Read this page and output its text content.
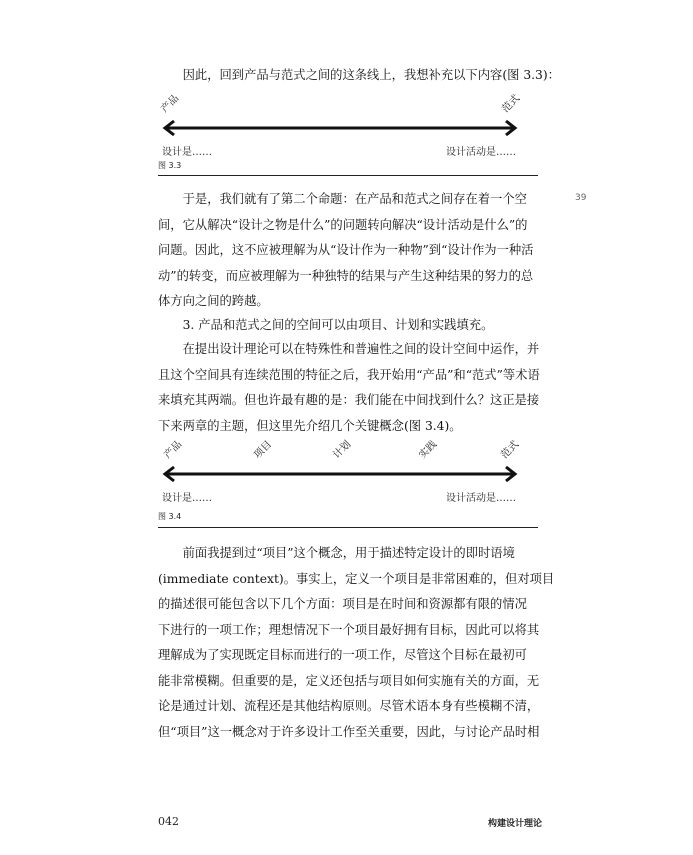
39

因此，回到产品与范式之间的这条线上，我想补充以下内容(图 3.3)：

产品	范式
设计是……	设计活动是……
图 3.3

于是，我们就有了第二个命题：在产品和范式之间存在着一个空
间，它从解决“设计之物是什么”的问题转向解决“设计活动是什么”的
问题。因此，这不应被理解为从“设计作为一种物”到“设计作为一种活
动”的转变，而应被理解为一种独特的结果与产生这种结果的努力的总
体方向之间的跨越。

3. 产品和范式之间的空间可以由项目、计划和实践填充。

在提出设计理论可以在特殊性和普遍性之间的设计空间中运作，并
且这个空间具有连续范围的特征之后，我开始用“产品”和“范式”等术语
来填充其两端。但也许最有趣的是：我们能在中间找到什么？这正是接
下来两章的主题，但这里先介绍几个关键概念(图 3.4)。

产品	项目	计划	实践	范式
设计是……	设计活动是……
图 3.4

前面我提到过“项目”这个概念，用于描述特定设计的即时语境
(immediate context)。事实上，定义一个项目是非常困难的，但对项目
的描述很可能包含以下几个方面：项目是在时间和资源都有限的情况
下进行的一项工作；理想情况下一个项目最好拥有目标，因此可以将其
理解成为了实现既定目标而进行的一项工作，尽管这个目标在最初可
能非常模糊。但重要的是，定义还包括与项目如何实施有关的方面，无
论是通过计划、流程还是其他结构原则。尽管术语本身有些模糊不清，
但“项目”这一概念对于许多设计工作至关重要，因此，与讨论产品时相

042	构建设计理论
